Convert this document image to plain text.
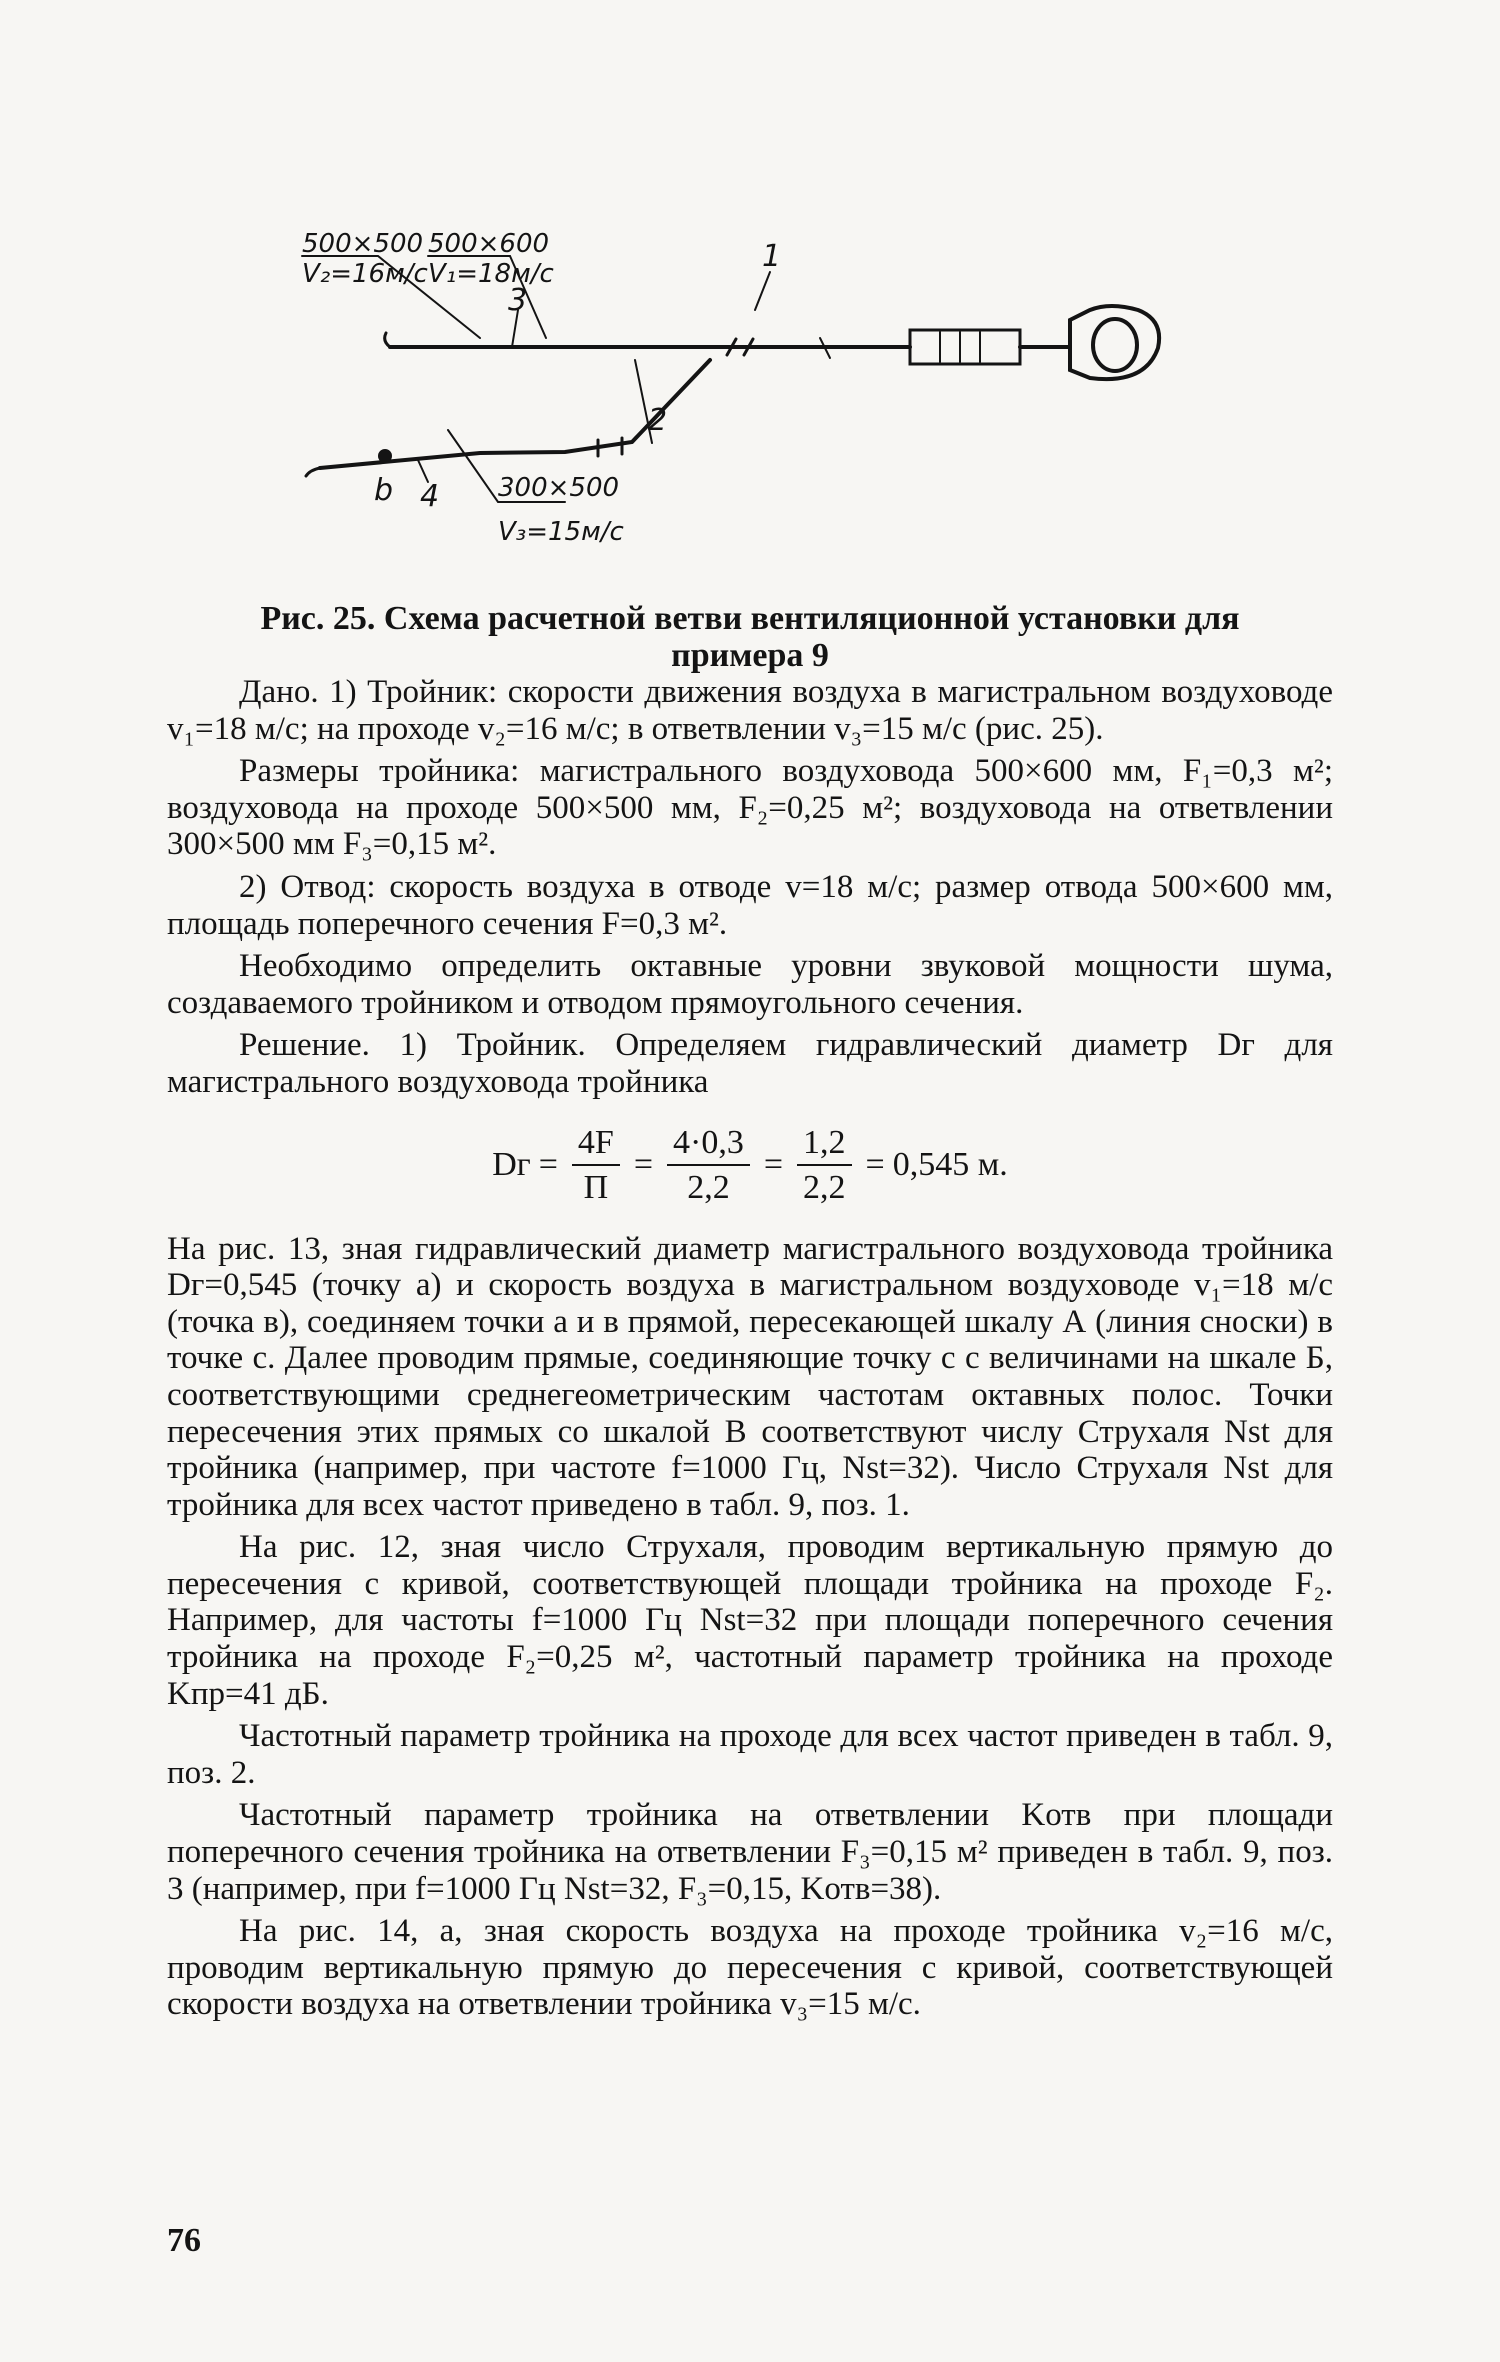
500×500
V₂=16м/с
500×600
V₁=18м/с
300×500
V₃=15м/с
b
1
2
3
4
Рис. 25. Схема расчетной ветви вентиляционной установки для
примера 9

Дано. 1) Тройник: скорости движения воздуха в магистральном воздуховоде v₁=18 м/с; на проходе v₂=16 м/с; в ответвлении v₃=15 м/с (рис. 25).

Размеры тройника: магистрального воздуховода 500×600 мм, F₁=0,3 м²; воздуховода на проходе 500×500 мм, F₂=0,25 м²; воздуховода на ответвлении 300×500 мм F₃=0,15 м².

2) Отвод: скорость воздуха в отводе v=18 м/с; размер отвода 500×600 мм, площадь поперечного сечения F=0,3 м².

Необходимо определить октавные уровни звуковой мощности шума, создаваемого тройником и отводом прямоугольного сечения.

Решение. 1) Тройник. Определяем гидравлический диаметр Dг для магистрального воздуховода тройника

Dг = $\frac{4F}{П} = \frac{4\cdot 0,3}{2,2} = \frac{1,2}{2,2} = 0,545$ м.

На рис. 13, зная гидравлический диаметр магистрального воздуховода тройника Dг=0,545 (точку а) и скорость воздуха в магистральном воздуховоде v₁=18 м/с (точка в), соединяем точки а и в прямой, пересекающей шкалу А (линия сноски) в точке с. Далее проводим прямые, соединяющие точку с с величинами на шкале Б, соответствующими среднегеометрическим частотам октавных полос. Точки пересечения этих прямых со шкалой В соответствуют числу Струхаля Nst для тройника (например, при частоте f=1000 Гц, Nst=32). Число Струхаля Nst для тройника для всех частот приведено в табл. 9, поз. 1.

На рис. 12, зная число Струхаля, проводим вертикальную прямую до пересечения с кривой, соответствующей площади тройника на проходе F₂. Например, для частоты f=1000 Гц Nst=32 при площади поперечного сечения тройника на проходе F₂=0,25 м², частотный параметр тройника на проходе Kпр=41 дБ.

Частотный параметр тройника на проходе для всех частот приведен в табл. 9, поз. 2.

Частотный параметр тройника на ответвлении Kотв при площади поперечного сечения тройника на ответвлении F₃=0,15 м² приведен в табл. 9, поз. 3 (например, при f=1000 Гц Nst=32, F₃=0,15, Kотв=38).

На рис. 14, а, зная скорость воздуха на проходе тройника v₂=16 м/с, проводим вертикальную прямую до пересечения с кривой, соответствующей скорости воздуха на ответвлении тройника v₃=15 м/с.

76
